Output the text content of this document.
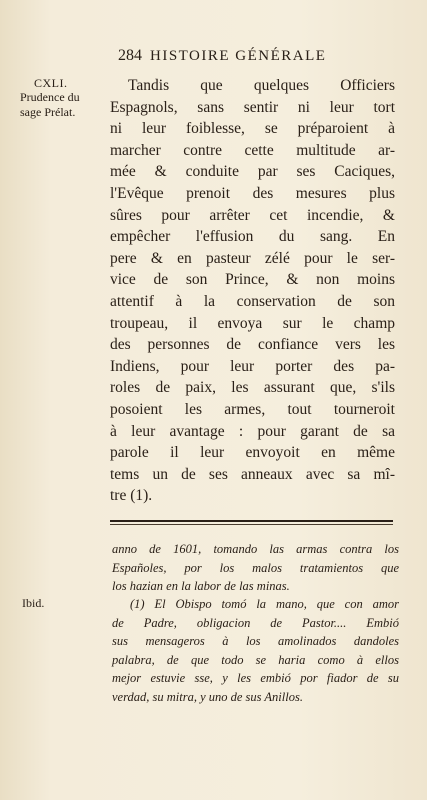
284 HISTOIRE GÉNÉRALE
CXLI.
Prudence du
sage Prélat.
Tandis que quelques Officiers
Espagnols, sans sentir ni leur tort
ni leur foiblesse, se préparoient à
marcher contre cette multitude ar-
mée & conduite par ses Caciques,
l'Evêque prenoit des mesures plus
sûres pour arrêter cet incendie, &
empêcher l'effusion du sang. En
pere & en pasteur zélé pour le ser-
vice de son Prince, & non moins
attentif à la conservation de son
troupeau, il envoya sur le champ
des personnes de confiance vers les
Indiens, pour leur porter des pa-
roles de paix, les assurant que, s'ils
posoient les armes, tout tourneroit
à leur avantage : pour garant de sa
parole il leur envoyoit en même
tems un de ses anneaux avec sa mî-
tre (1).
anno de 1601, tomando las armas contra los
Españoles, por los malos tratamientos que
los hazian en la labor de las minas.
Ibid.	(1) El Obispo tomó la mano, que con amor
de Padre, obligacion de Pastor.... Embió
sus mensageros à los amolinados dandoles
palabra, de que todo se haria como à ellos
mejor estuvie sse, y les embió por fiador de su
verdad, su mitra, y uno de sus Anillos.
